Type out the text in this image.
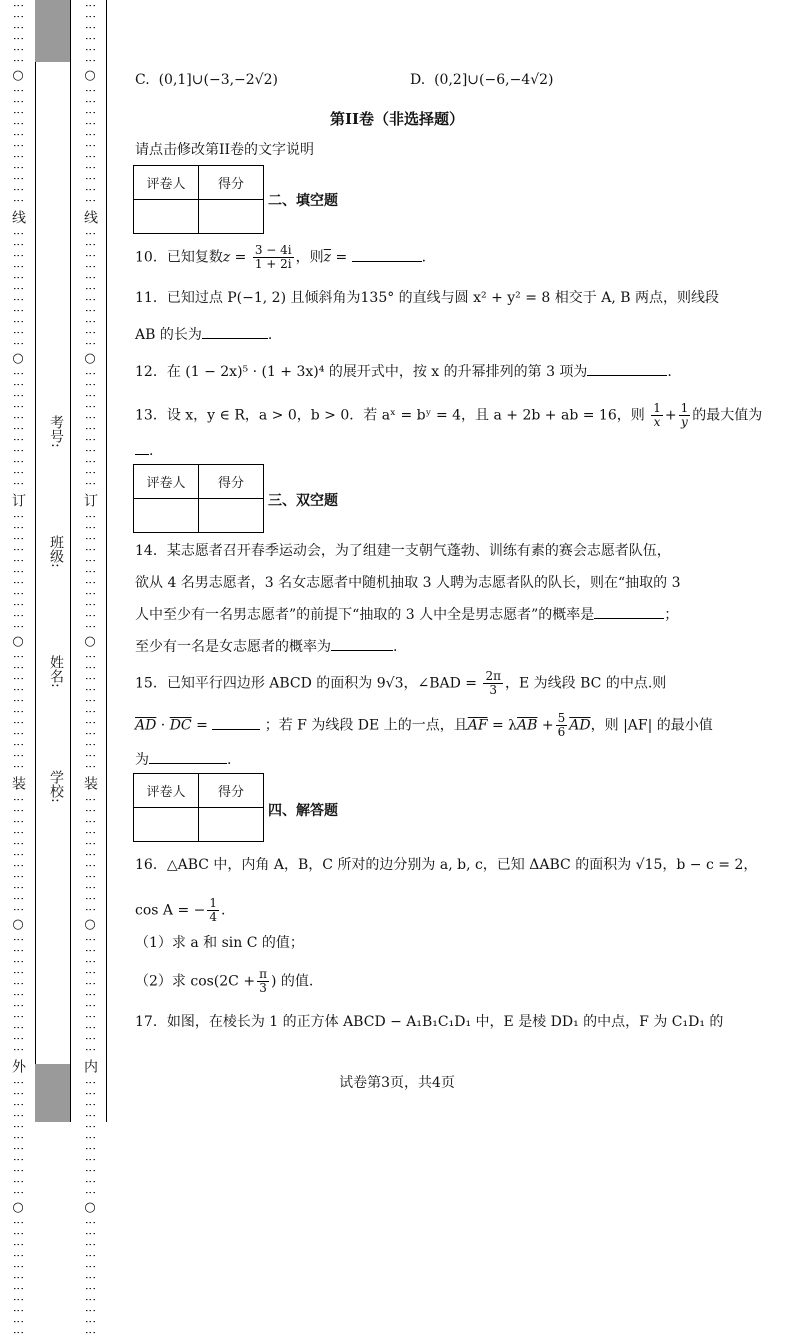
⋮⋮⋮⋮⋮⋮
○
⋮⋮⋮⋮⋮⋮⋮⋮⋮⋮⋮
线
⋮⋮⋮⋮⋮⋮⋮⋮⋮⋮⋮
○
⋮⋮⋮⋮⋮⋮⋮⋮⋮⋮⋮
订
⋮⋮⋮⋮⋮⋮⋮⋮⋮⋮⋮
○
⋮⋮⋮⋮⋮⋮⋮⋮⋮⋮⋮
装
⋮⋮⋮⋮⋮⋮⋮⋮⋮⋮⋮
○
⋮⋮⋮⋮⋮⋮⋮⋮⋮⋮⋮
外
⋮⋮⋮⋮⋮⋮⋮⋮⋮⋮⋮
○
⋮⋮⋮⋮⋮⋮⋮⋮⋮⋮⋮
⋮⋮⋮⋮⋮⋮
○
⋮⋮⋮⋮⋮⋮⋮⋮⋮⋮⋮
线
⋮⋮⋮⋮⋮⋮⋮⋮⋮⋮⋮
○
⋮⋮⋮⋮⋮⋮⋮⋮⋮⋮⋮
订
⋮⋮⋮⋮⋮⋮⋮⋮⋮⋮⋮
○
⋮⋮⋮⋮⋮⋮⋮⋮⋮⋮⋮
装
⋮⋮⋮⋮⋮⋮⋮⋮⋮⋮⋮
○
⋮⋮⋮⋮⋮⋮⋮⋮⋮⋮⋮
内
⋮⋮⋮⋮⋮⋮⋮⋮⋮⋮⋮
○
⋮⋮⋮⋮⋮⋮⋮⋮⋮⋮⋮
考号:
班级:
姓名:
学校:
C. (0,1]∪(−3,−2√2)	D. (0,2]∪(−6,−4√2)
第II卷（非选择题）
请点击修改第II卷的文字说明
评卷人	得分

二、填空题
10．已知复数$z = \frac{3 - 4i}{1 + 2i}$ ，则$\overline{z}$ =	.
11．已知过点 P(−1, 2) 且倾斜角为135° 的直线与圆 x² + y² = 8 相交于 A, B 两点，则线段
AB 的长为	.
12．在 (1 − 2x)⁵ · (1 + 3x)⁴ 的展开式中，按 x 的升幂排列的第 3 项为	.
13．设 x，y ∈ R，a > 0，b > 0．若 aˣ = bʸ = 4，且 a + 2b + ab = 16，则 $\frac{1}{x} + \frac{1}{y}$ 的最大值为
.
评卷人	得分

三、双空题
14．某志愿者召开春季运动会，为了组建一支朝气蓬勃、训练有素的赛会志愿者队伍，
欲从 4 名男志愿者，3 名女志愿者中随机抽取 3 人聘为志愿者队的队长，则在“抽取的 3
人中至少有一名男志愿者”的前提下“抽取的 3 人中全是男志愿者”的概率是	；
至少有一名是女志愿者的概率为	.
15．已知平行四边形 ABCD 的面积为 9√3，∠BAD = $\frac{2\pi}{3}$ ，E 为线段 BC 的中点.则
$\overline{AD} \cdot \overline{DC}$ =	；若 F 为线段 DE 上的一点，且$\overline{AF} = \lambda\overline{AB} + \frac{5}{6} \overline{AD}$，则 |AF| 的最小值
为	.
评卷人	得分

四、解答题
16．△ABC 中，内角 A，B，C 所对的边分别为 a, b, c，已知 ΔABC 的面积为 √15，b − c = 2，
cos A = − $\frac{1}{4}$ .
（1）求 a 和 sin C 的值；
（2）求 $\cos(2C + \frac{\pi}{3}$ ) 的值.
17．如图，在棱长为 1 的正方体 ABCD − A₁B₁C₁D₁ 中，E 是棱 DD₁ 的中点，F 为 C₁D₁ 的
试卷第3页，共4页
